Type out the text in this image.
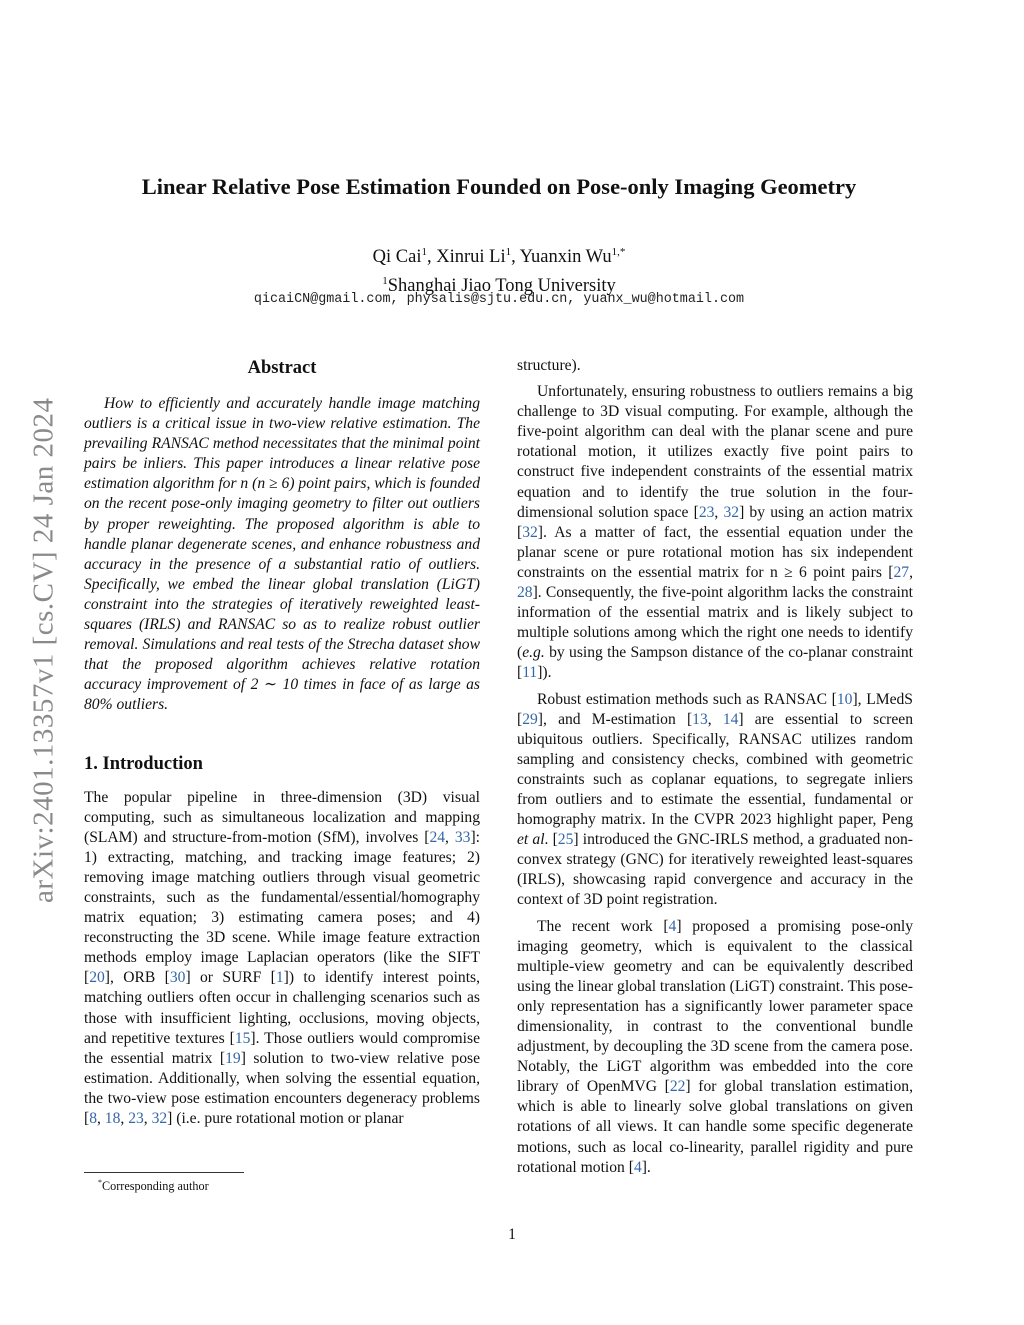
arXiv:2401.13357v1 [cs.CV] 24 Jan 2024
Linear Relative Pose Estimation Founded on Pose-only Imaging Geometry
Qi Cai$^1$, Xinrui Li$^1$, Yuanxin $Wu^{1,*}$
$^1$Shanghai Jiao Tong University
qicaiCN@gmail.com, physalis@sjtu.edu.cn, yuanx_wu@hotmail.com
Abstract

How to efficiently and accurately handle image matching outliers is a critical issue in two-view relative estimation. The prevailing RANSAC method necessitates that the minimal point pairs be inliers. This paper introduces a linear relative pose estimation algorithm for n (n ≥ 6) point pairs, which is founded on the recent pose-only imaging geometry to filter out outliers by proper reweighting. The proposed algorithm is able to handle planar degenerate scenes, and enhance robustness and accuracy in the presence of a substantial ratio of outliers. Specifically, we embed the linear global translation (LiGT) constraint into the strategies of iteratively reweighted least-squares (IRLS) and RANSAC so as to realize robust outlier removal. Simulations and real tests of the Strecha dataset show that the proposed algorithm achieves relative rotation accuracy improvement of 2 ∼ 10 times in face of as large as 80% outliers.

1. Introduction

The popular pipeline in three-dimension (3D) visual computing, such as simultaneous localization and mapping (SLAM) and structure-from-motion (SfM), involves [24, 33]: 1) extracting, matching, and tracking image features; 2) removing image matching outliers through visual geometric constraints, such as the fundamental/essential/homography matrix equation; 3) estimating camera poses; and 4) reconstructing the 3D scene. While image feature extraction methods employ image Laplacian operators (like the SIFT [20], ORB [30] or SURF [1]) to identify interest points, matching outliers often occur in challenging scenarios such as those with insufficient lighting, occlusions, moving objects, and repetitive textures [15]. Those outliers would compromise the essential matrix [19] solution to two-view relative pose estimation. Additionally, when solving the essential equation, the two-view pose estimation encounters degeneracy problems [8, 18, 23, 32] (i.e. pure rotational motion or planar

structure).

Unfortunately, ensuring robustness to outliers remains a big challenge to 3D visual computing. For example, although the five-point algorithm can deal with the planar scene and pure rotational motion, it utilizes exactly five point pairs to construct five independent constraints of the essential matrix equation and to identify the true solution in the four-dimensional solution space [23, 32] by using an action matrix [32]. As a matter of fact, the essential equation under the planar scene or pure rotational motion has six independent constraints on the essential matrix for n ≥ 6 point pairs [27, 28]. Consequently, the five-point algorithm lacks the constraint information of the essential matrix and is likely subject to multiple solutions among which the right one needs to identify (e.g. by using the Sampson distance of the co-planar constraint [11]).

Robust estimation methods such as RANSAC [10], LMedS [29], and M-estimation [13, 14] are essential to screen ubiquitous outliers. Specifically, RANSAC utilizes random sampling and consistency checks, combined with geometric constraints such as coplanar equations, to segregate inliers from outliers and to estimate the essential, fundamental or homography matrix. In the CVPR 2023 highlight paper, Peng et al. [25] introduced the GNC-IRLS method, a graduated non-convex strategy (GNC) for iteratively reweighted least-squares (IRLS), showcasing rapid convergence and accuracy in the context of 3D point registration.

The recent work [4] proposed a promising pose-only imaging geometry, which is equivalent to the classical multiple-view geometry and can be equivalently described using the linear global translation (LiGT) constraint. This pose-only representation has a significantly lower parameter space dimensionality, in contrast to the conventional bundle adjustment, by decoupling the 3D scene from the camera pose. Notably, the LiGT algorithm was embedded into the core library of OpenMVG [22] for global translation estimation, which is able to linearly solve global translations on given rotations of all views. It can handle some specific degenerate motions, such as local co-linearity, parallel rigidity and pure rotational motion [4].

*Corresponding author
1
